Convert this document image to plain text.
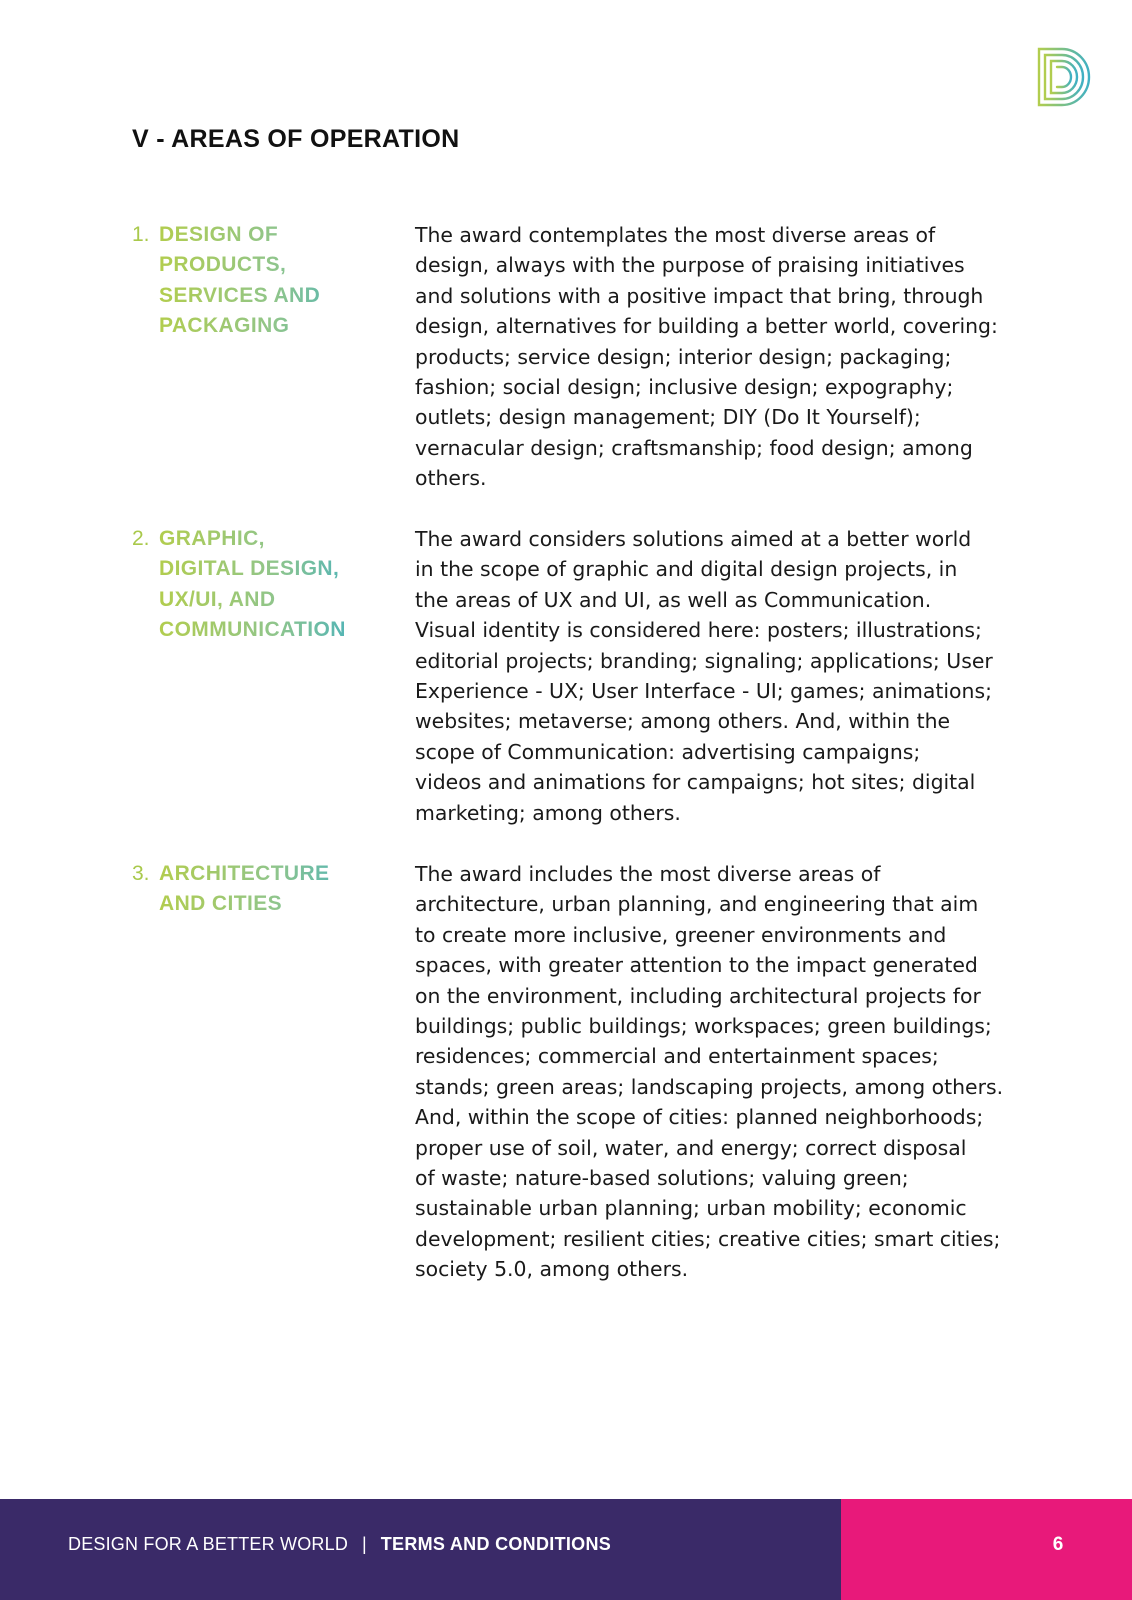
V - AREAS OF OPERATION
1. DESIGN OF
PRODUCTS,
SERVICES AND
PACKAGING

The award contemplates the most diverse areas of
design, always with the purpose of praising initiatives
and solutions with a positive impact that bring, through
design, alternatives for building a better world, covering:
products; service design; interior design; packaging;
fashion; social design; inclusive design; expography;
outlets; design management; DIY (Do It Yourself);
vernacular design; craftsmanship; food design; among
others.

2. GRAPHIC,
DIGITAL DESIGN,
UX/UI, AND
COMMUNICATION

The award considers solutions aimed at a better world
in the scope of graphic and digital design projects, in
the areas of UX and UI, as well as Communication.
Visual identity is considered here: posters; illustrations;
editorial projects; branding; signaling; applications; User
Experience - UX; User Interface - UI; games; animations;
websites; metaverse; among others. And, within the
scope of Communication: advertising campaigns;
videos and animations for campaigns; hot sites; digital
marketing; among others.

3. ARCHITECTURE
AND CITIES

The award includes the most diverse areas of
architecture, urban planning, and engineering that aim
to create more inclusive, greener environments and
spaces, with greater attention to the impact generated
on the environment, including architectural projects for
buildings; public buildings; workspaces; green buildings;
residences; commercial and entertainment spaces;
stands; green areas; landscaping projects, among others.
And, within the scope of cities: planned neighborhoods;
proper use of soil, water, and energy; correct disposal
of waste; nature-based solutions; valuing green;
sustainable urban planning; urban mobility; economic
development; resilient cities; creative cities; smart cities;
society 5.0, among others.

DESIGN FOR A BETTER WORLD | TERMS AND CONDITIONS	6
